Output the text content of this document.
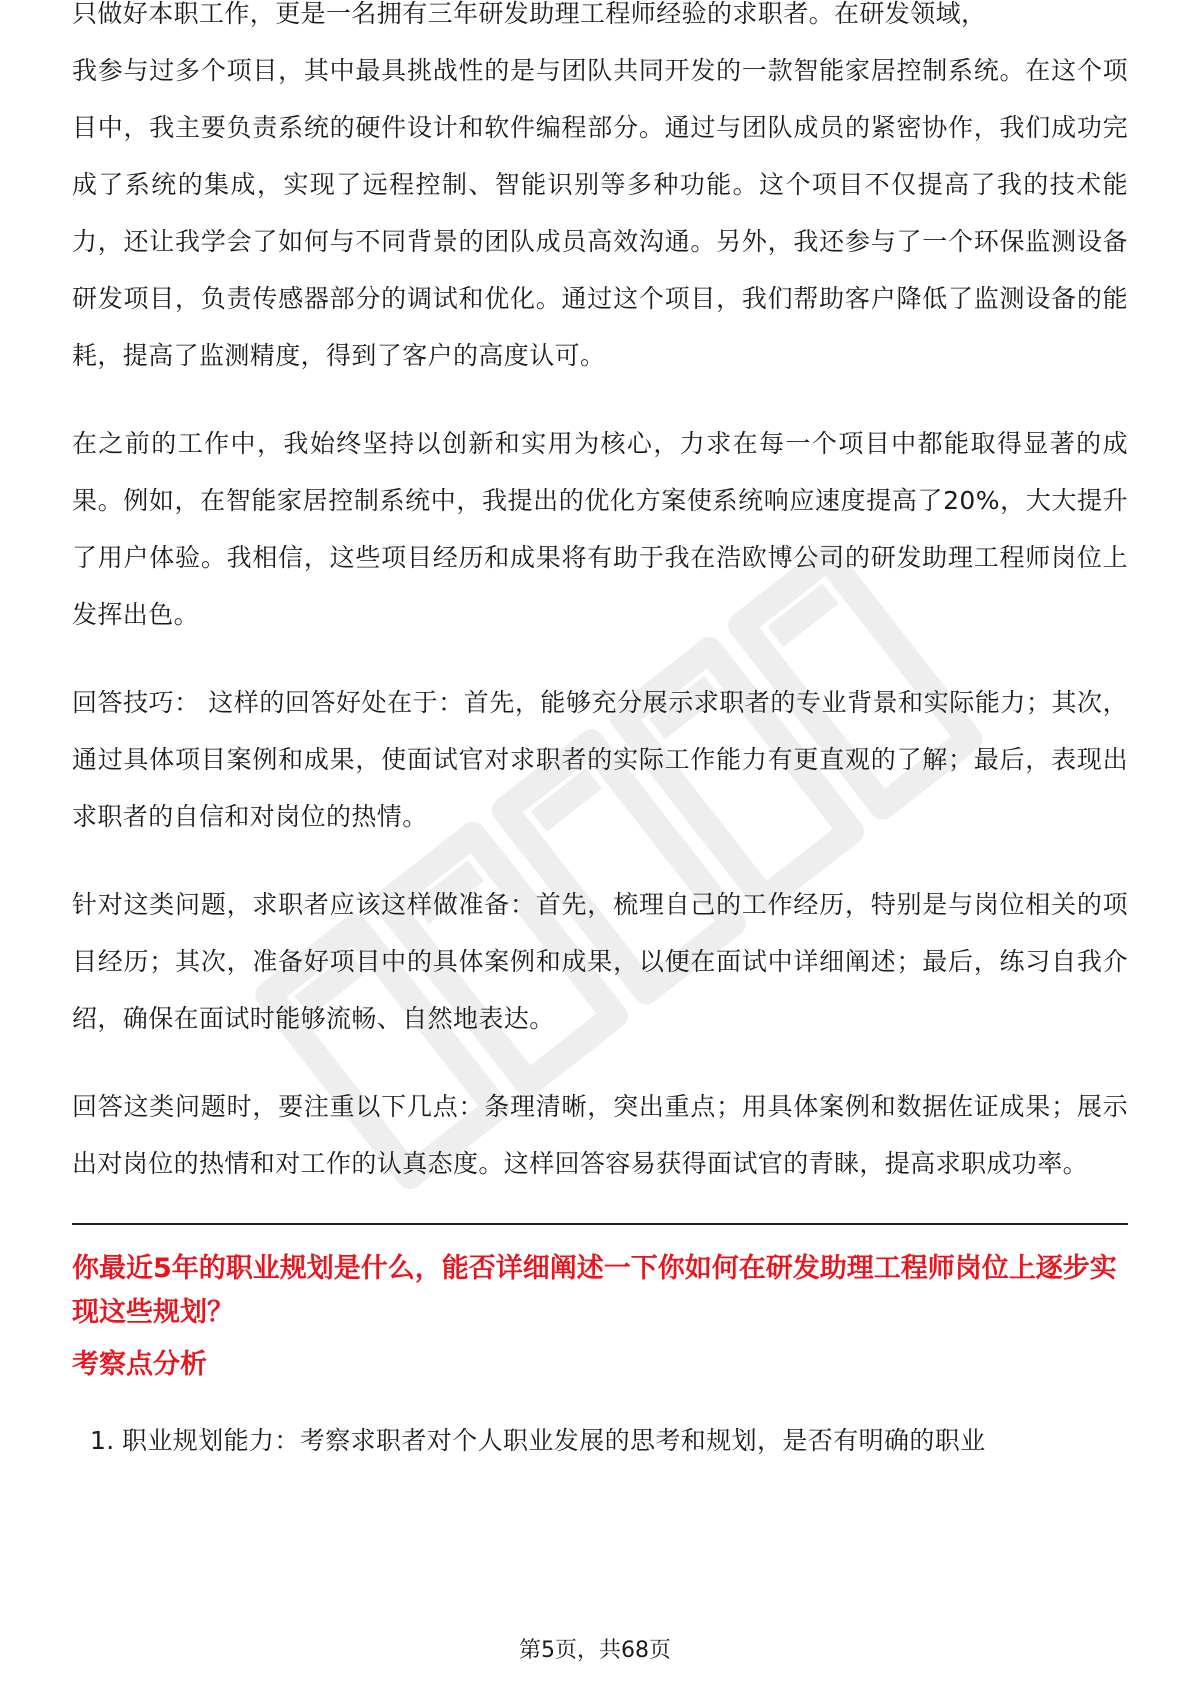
只做好本职工作，更是一名拥有三年研发助理工程师经验的求职者。在研发领域，

我参与过多个项目，其中最具挑战性的是与团队共同开发的一款智能家居控制系统。在这个项目中，我主要负责系统的硬件设计和软件编程部分。通过与团队成员的紧密协作，我们成功完成了系统的集成，实现了远程控制、智能识别等多种功能。这个项目不仅提高了我的技术能力，还让我学会了如何与不同背景的团队成员高效沟通。另外，我还参与了一个环保监测设备研发项目，负责传感器部分的调试和优化。通过这个项目，我们帮助客户降低了监测设备的能耗，提高了监测精度，得到了客户的高度认可。

在之前的工作中，我始终坚持以创新和实用为核心，力求在每一个项目中都能取得显著的成果。例如，在智能家居控制系统中，我提出的优化方案使系统响应速度提高了20%，大大提升了用户体验。我相信，这些项目经历和成果将有助于我在浩欧博公司的研发助理工程师岗位上发挥出色。

回答技巧： 这样的回答好处在于：首先，能够充分展示求职者的专业背景和实际能力；其次，通过具体项目案例和成果，使面试官对求职者的实际工作能力有更直观的了解；最后，表现出求职者的自信和对岗位的热情。

针对这类问题，求职者应该这样做准备：首先，梳理自己的工作经历，特别是与岗位相关的项目经历；其次，准备好项目中的具体案例和成果，以便在面试中详细阐述；最后，练习自我介绍，确保在面试时能够流畅、自然地表达。

回答这类问题时，要注重以下几点：条理清晰，突出重点；用具体案例和数据佐证成果；展示出对岗位的热情和对工作的认真态度。这样回答容易获得面试官的青睐，提高求职成功率。

你最近5年的职业规划是什么，能否详细阐述一下你如何在研发助理工程师岗位上逐步实现这些规划？

考察点分析

1. 职业规划能力：考察求职者对个人职业发展的思考和规划，是否有明确的职业
第5页，共68页
